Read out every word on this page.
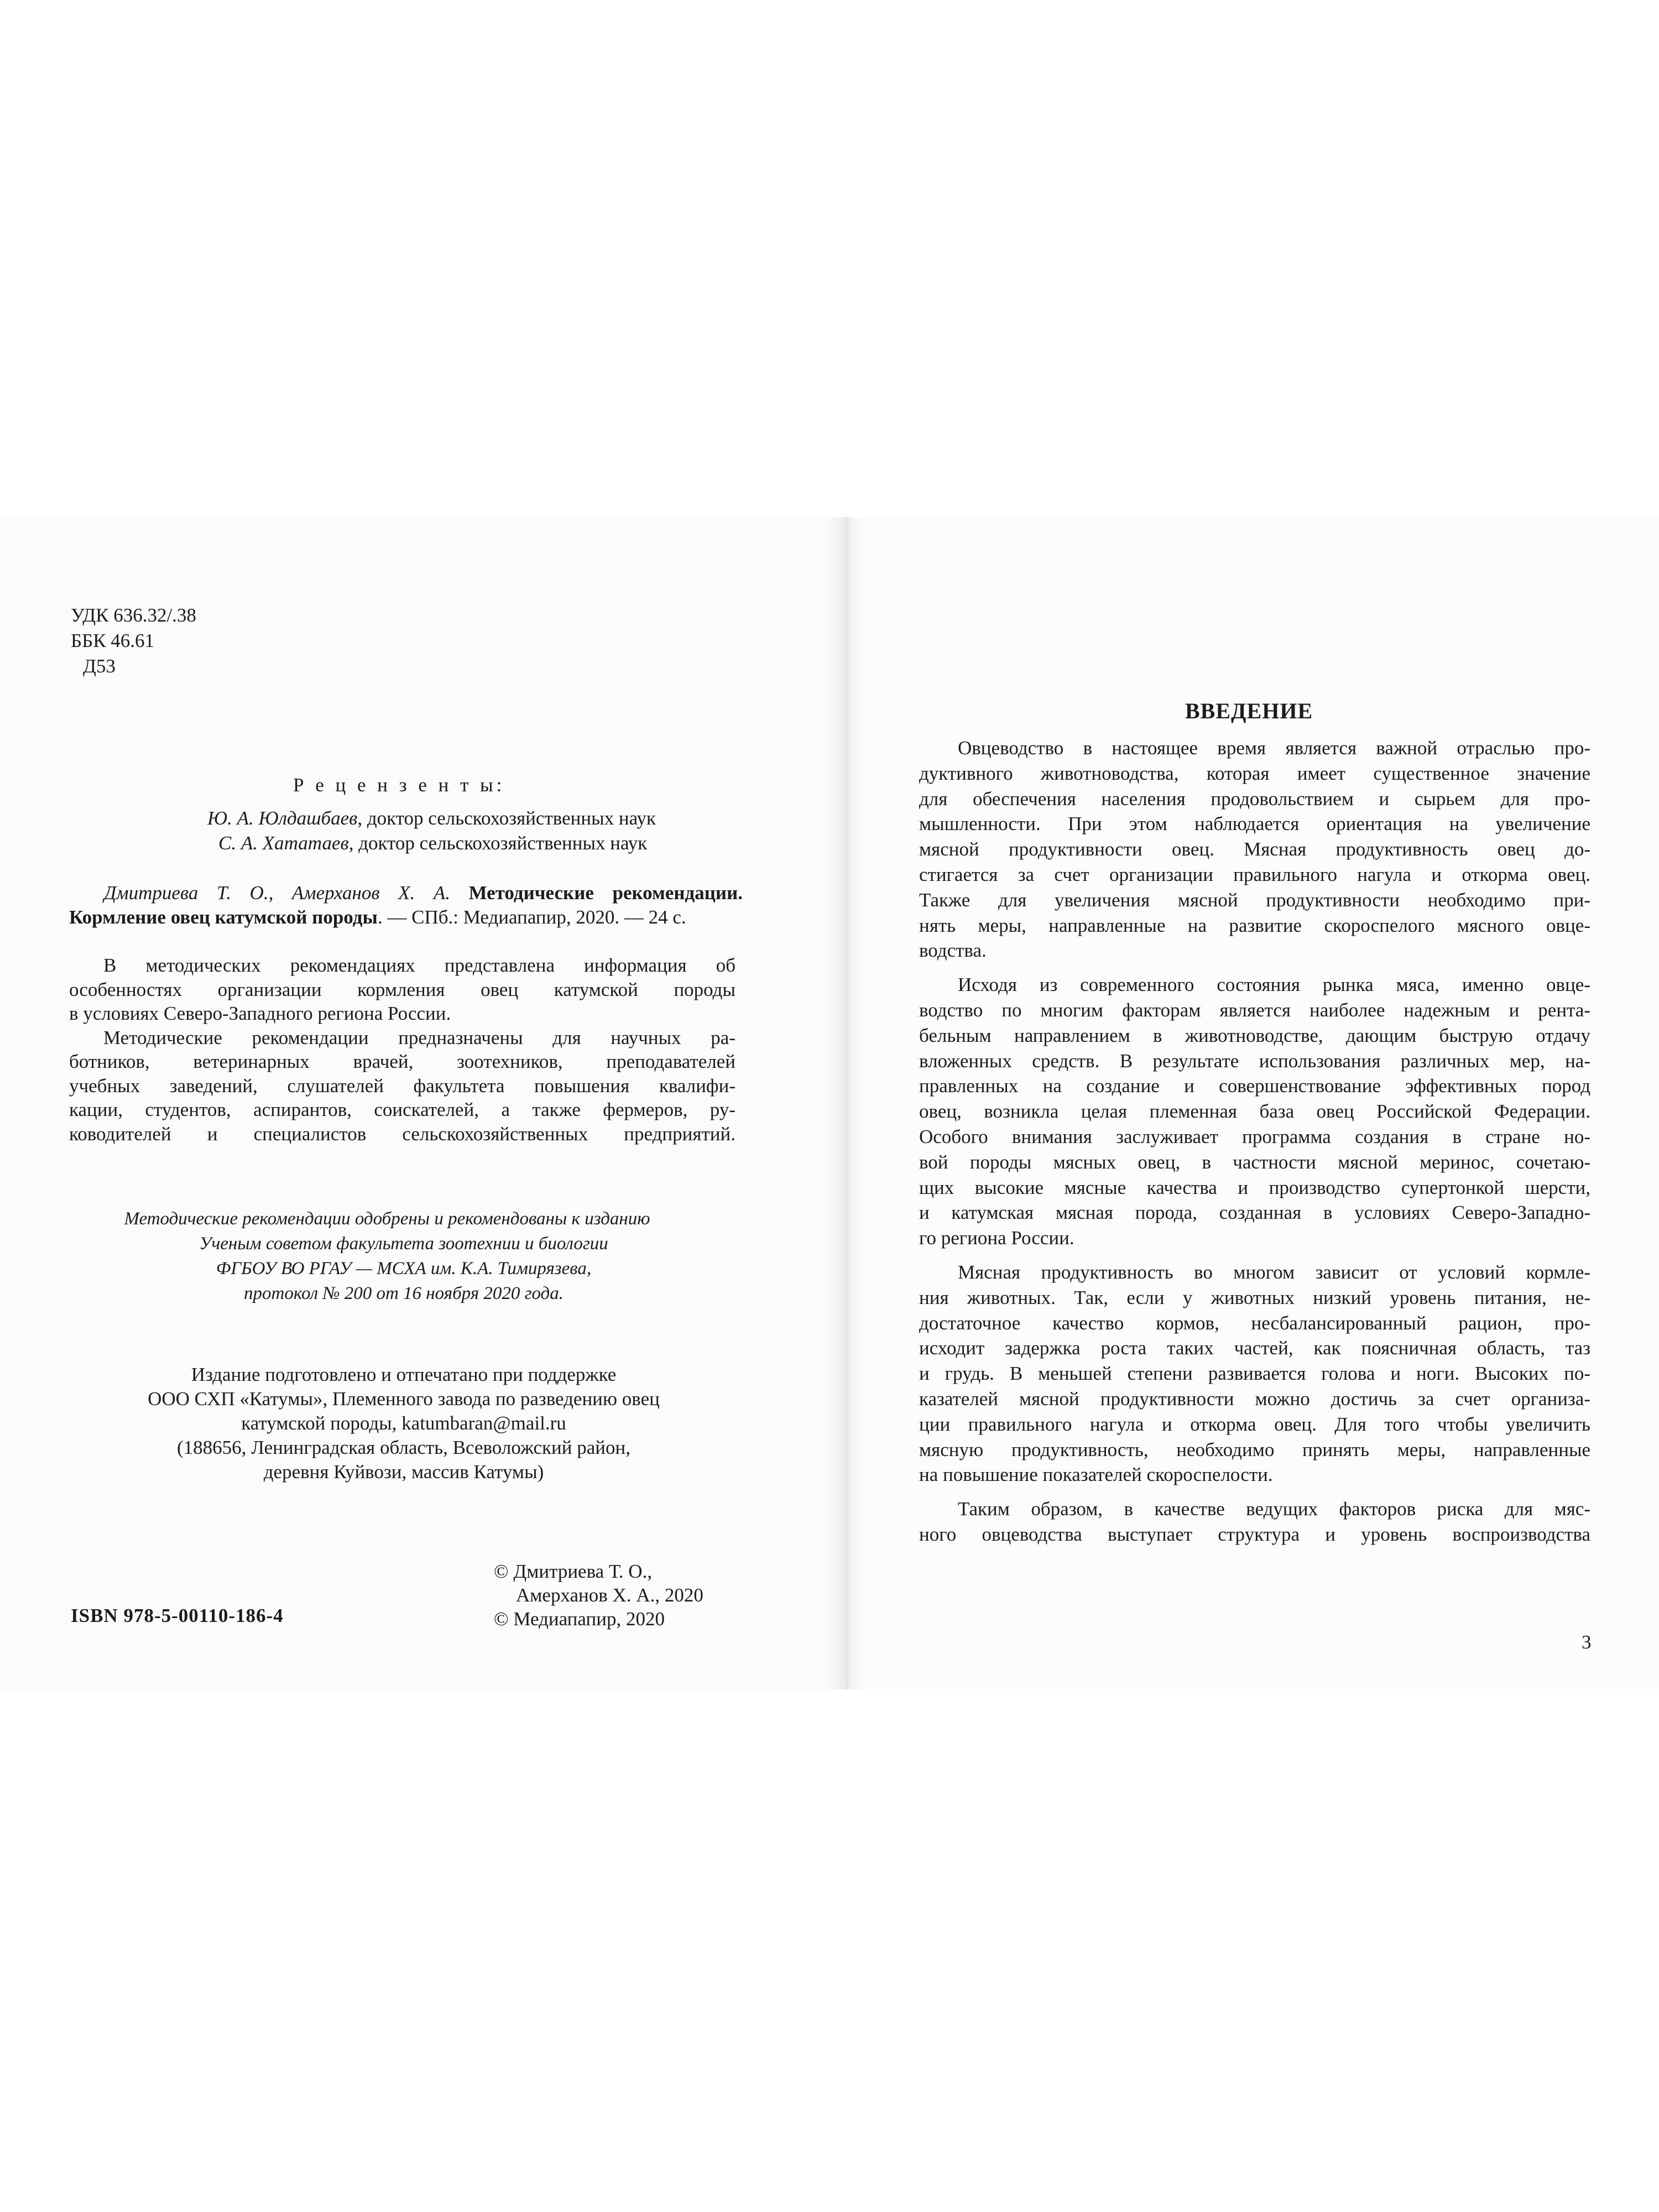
УДК 636.32/.38
ББК 46.61
Д53
Р е ц е н з е н т ы:
Ю. А. Юлдашбаев, доктор сельскохозяйственных наук
С. А. Хататаев, доктор сельскохозяйственных наук
Дмитриева Т. О., Амерханов Х. А. Методические рекомендации.
Кормление овец катумской породы. — СПб.: Медиапапир, 2020. — 24 с.
В методических рекомендациях представлена информация об
особенностях организации кормления овец катумской породы
в условиях Северо-Западного региона России.
Методические рекомендации предназначены для научных ра-
ботников, ветеринарных врачей, зоотехников, преподавателей
учебных заведений, слушателей факультета повышения квалифи-
кации, студентов, аспирантов, соискателей, а также фермеров, ру-
ководителей и специалистов сельскохозяйственных предприятий.
Методические рекомендации одобрены и рекомендованы к изданию
Ученым советом факультета зоотехнии и биологии
ФГБОУ ВО РГАУ — МСХА им. К.А. Тимирязева,
протокол № 200 от 16 ноября 2020 года.
Издание подготовлено и отпечатано при поддержке
ООО СХП «Катумы», Племенного завода по разведению овец
катумской породы, katumbaran@mail.ru
(188656, Ленинградская область, Всеволожский район,
деревня Куйвози, массив Катумы)
ISBN 978-5-00110-186-4
© Дмитриева Т. О.,
Амерханов Х. А., 2020
© Медиапапир, 2020
ВВЕДЕНИЕ
Овцеводство в настоящее время является важной отраслью про-
дуктивного животноводства, которая имеет существенное значение
для обеспечения населения продовольствием и сырьем для про-
мышленности. При этом наблюдается ориентация на увеличение
мясной продуктивности овец. Мясная продуктивность овец до-
стигается за счет организации правильного нагула и откорма овец.
Также для увеличения мясной продуктивности необходимо при-
нять меры, направленные на развитие скороспелого мясного овце-
водства.
Исходя из современного состояния рынка мяса, именно овце-
водство по многим факторам является наиболее надежным и рента-
бельным направлением в животноводстве, дающим быструю отдачу
вложенных средств. В результате использования различных мер, на-
правленных на создание и совершенствование эффективных пород
овец, возникла целая племенная база овец Российской Федерации.
Особого внимания заслуживает программа создания в стране но-
вой породы мясных овец, в частности мясной меринос, сочетаю-
щих высокие мясные качества и производство супертонкой шерсти,
и катумская мясная порода, созданная в условиях Северо-Западно-
го региона России.
Мясная продуктивность во многом зависит от условий кормле-
ния животных. Так, если у животных низкий уровень питания, не-
достаточное качество кормов, несбалансированный рацион, про-
исходит задержка роста таких частей, как поясничная область, таз
и грудь. В меньшей степени развивается голова и ноги. Высоких по-
казателей мясной продуктивности можно достичь за счет организа-
ции правильного нагула и откорма овец. Для того чтобы увеличить
мясную продуктивность, необходимо принять меры, направленные
на повышение показателей скороспелости.
Таким образом, в качестве ведущих факторов риска для мяс-
ного овцеводства выступает структура и уровень воспроизводства
3
